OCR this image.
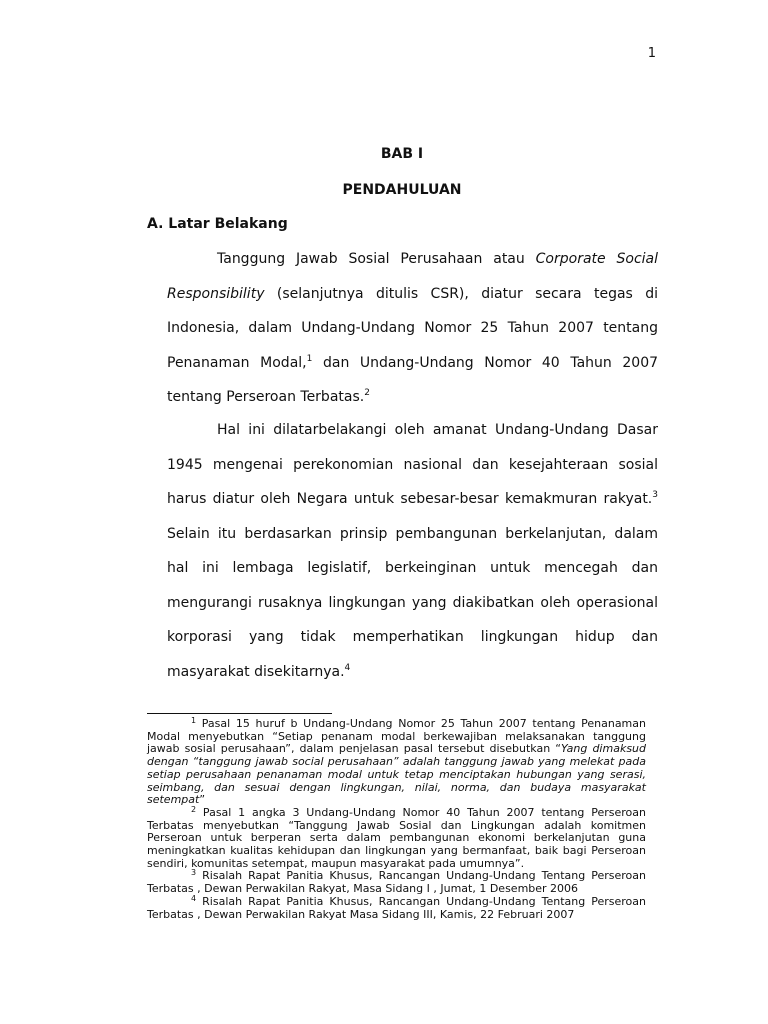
1
BAB I
PENDAHULUAN
A. Latar Belakang

Tanggung Jawab Sosial Perusahaan atau Corporate Social Responsibility (selanjutnya ditulis CSR), diatur secara tegas di Indonesia, dalam Undang-Undang Nomor 25 Tahun 2007 tentang Penanaman Modal,$^1$ dan Undang-Undang Nomor 40 Tahun 2007 tentang Perseroan Terbatas.$^2$

Hal ini dilatarbelakangi oleh amanat Undang-Undang Dasar 1945 mengenai perekonomian nasional dan kesejahteraan sosial harus diatur oleh Negara untuk sebesar-besar kemakmuran rakyat.$^3$ Selain itu berdasarkan prinsip pembangunan berkelanjutan, dalam hal ini lembaga legislatif, berkeinginan untuk mencegah dan mengurangi rusaknya lingkungan yang diakibatkan oleh operasional korporasi yang tidak memperhatikan lingkungan hidup dan masyarakat disekitarnya.$^4$

$^1$ Pasal 15 huruf b Undang-Undang Nomor 25 Tahun 2007 tentang Penanaman Modal menyebutkan “Setiap penanam modal berkewajiban melaksanakan tanggung jawab sosial perusahaan”, dalam penjelasan pasal tersebut disebutkan “Yang dimaksud dengan “tanggung jawab social perusahaan” adalah tanggung jawab yang melekat pada setiap perusahaan penanaman modal untuk tetap menciptakan hubungan yang serasi, seimbang, dan sesuai dengan lingkungan, nilai, norma, dan budaya masyarakat setempat”

$^2$ Pasal 1 angka 3 Undang-Undang Nomor 40 Tahun 2007 tentang Perseroan Terbatas menyebutkan “Tanggung Jawab Sosial dan Lingkungan adalah komitmen Perseroan untuk berperan serta dalam pembangunan ekonomi berkelanjutan guna meningkatkan kualitas kehidupan dan lingkungan yang bermanfaat, baik bagi Perseroan sendiri, komunitas setempat, maupun masyarakat pada umumnya”.

$^3$ Risalah Rapat Panitia Khusus, Rancangan Undang-Undang Tentang Perseroan Terbatas , Dewan Perwakilan Rakyat, Masa Sidang I , Jumat, 1 Desember 2006

$^4$ Risalah Rapat Panitia Khusus, Rancangan Undang-Undang Tentang Perseroan Terbatas , Dewan Perwakilan Rakyat Masa Sidang III, Kamis, 22 Februari 2007
